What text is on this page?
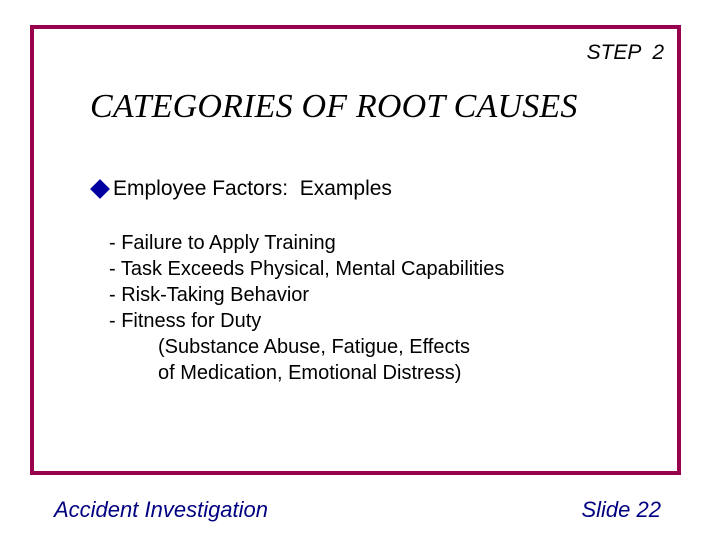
STEP  2
CATEGORIES OF ROOT CAUSES
Employee Factors:  Examples
- Failure to Apply Training
- Task Exceeds Physical, Mental Capabilities
- Risk-Taking Behavior
- Fitness for Duty
(Substance Abuse, Fatigue, Effects
of Medication, Emotional Distress)
Accident Investigation	Slide 22
